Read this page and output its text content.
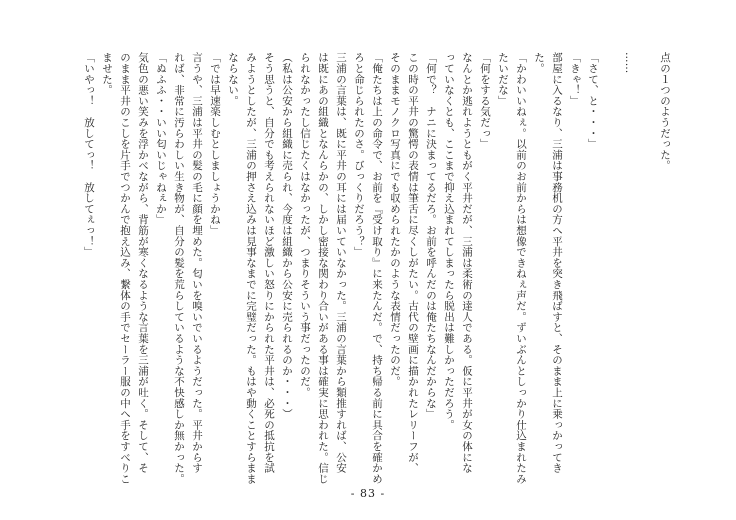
点の１つのようだった。
……
「さて、と・・・」
「きゃ！」
部屋に入るなり、三浦は事務机の方へ平井を突き飛ばすと、そのまま上に乗っかってき
た。
「かわいいねぇ。以前のお前からは想像できねぇ声だ。ずいぶんとしっかり仕込まれたみ
たいだな」
「何をする気だっ」
なんとか逃れようともがく平井だが、三浦は柔術の達人である。仮に平井が女の体にな
っていなくとも、ここまで抑え込まれてしまったら脱出は難しかっただろう。
「何で？　ナニに決まってるだろ。お前を呼んだのは俺たちなんだからな」
この時の平井の驚愕の表情は筆舌に尽くしがたい。古代の壁画に描かれたレリーフが、
そのままモノクロ写真にでも収められたかのような表情だったのだ。
「俺たちは上の命令で、お前を『受け取り』に来たんだ。で、持ち帰る前に具合を確かめ
ろと命じられたのさ。びっくりだろう？」
三浦の言葉は、既に平井の耳には届いていなかった。三浦の言葉から類推すれば、公安
は既にあの組織となんらかの、しかし密接な関わり合いがある事は確実に思われた。信じ
られなかったし信じたくはなかったが、つまりそういう事だったのだ。
（私は公安から組織に売られ、今度は組織から公安に売られるのか・・・）
そう思うと、自分でも考えられないほど激しい怒りにかられた平井は、必死の抵抗を試
みようとしたが、三浦の押さえ込みは見事なまでに完璧だった。もはや動くことすらまま
ならない。
「では早速楽しむとしましょうかね」
言うや、三浦は平井の髪の毛に顔を埋めた。匂いを嗅いでいるようだった。平井からす
れば、非常に汚らわしい生き物が、自分の髪を荒らしているような不快感しか無かった。
「ぬふふ・・いい匂いじゃねぇか」
気色の悪い笑みを浮かべながら、背筋が寒くなるような言葉を三浦が吐く。そして、そ
のまま平井のこしを片手でつかんで抱え込み、繋体の手でセーラー服の中へ手をすべりこ
ませた。
「いやっ！　放してっ！　放してぇっ！」
- 83 -
